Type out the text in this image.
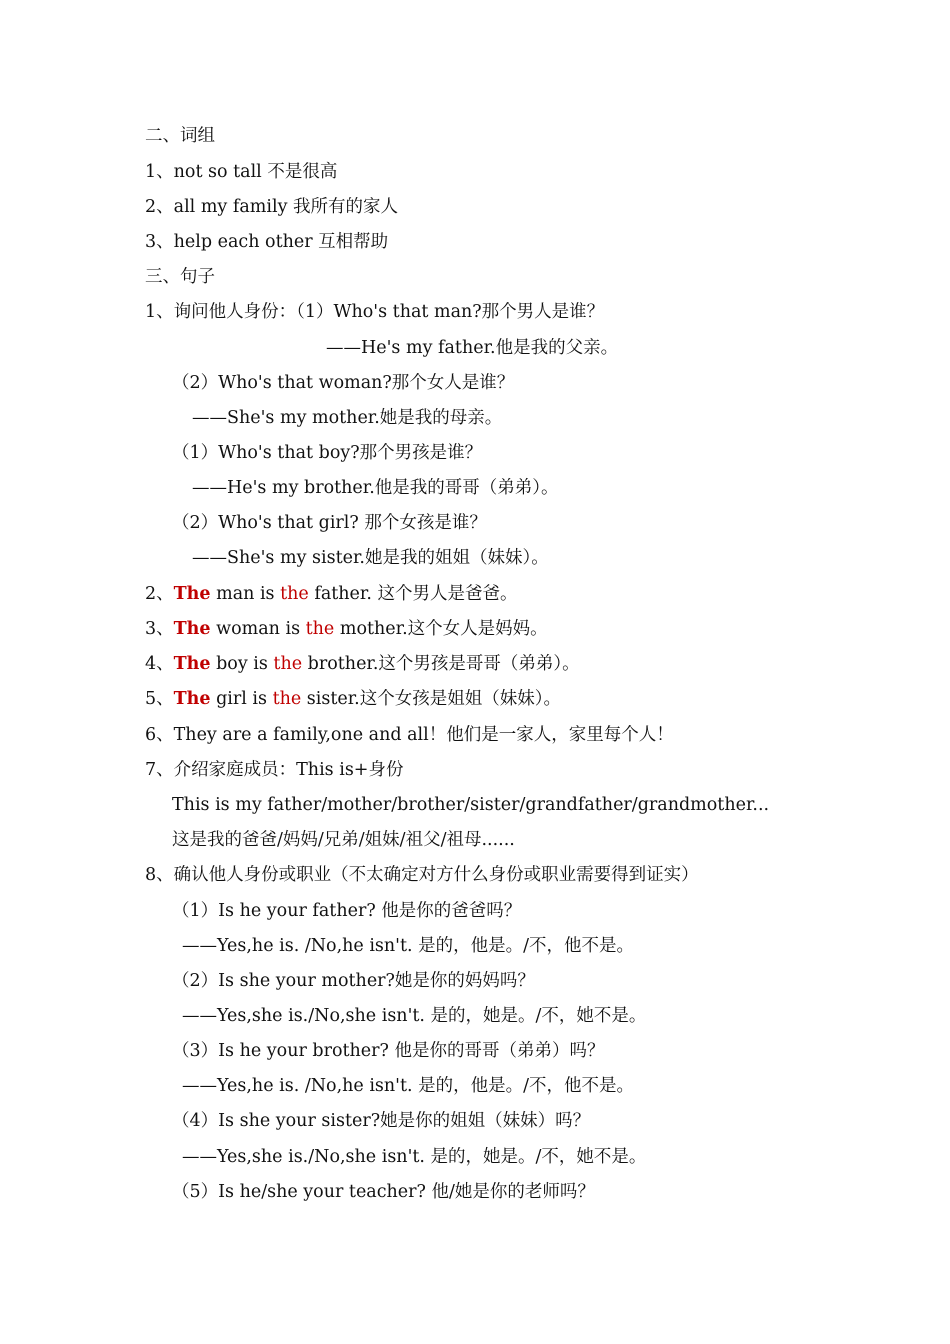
二、词组
1、not so tall 不是很高
2、all my family 我所有的家人
3、help each other 互相帮助
三、句子
1、询问他人身份：（1）Who's that man?那个男人是谁？
——He's my father.他是我的父亲。
（2）Who's that woman?那个女人是谁？
——She's my mother.她是我的母亲。
（1）Who's that boy?那个男孩是谁？
——He's my brother.他是我的哥哥（弟弟）。
（2）Who's that girl? 那个女孩是谁？
——She's my sister.她是我的姐姐（妹妹）。
2、The man is the father. 这个男人是爸爸。
3、The woman is the mother.这个女人是妈妈。
4、The boy is the brother.这个男孩是哥哥（弟弟）。
5、The girl is the sister.这个女孩是姐姐（妹妹）。
6、They are a family,one and all！他们是一家人，家里每个人！
7、介绍家庭成员：This is+身份
This is my father/mother/brother/sister/grandfather/grandmother...
这是我的爸爸/妈妈/兄弟/姐妹/祖父/祖母......
8、确认他人身份或职业（不太确定对方什么身份或职业需要得到证实）
（1）Is he your father? 他是你的爸爸吗？
——Yes,he is. /No,he isn't. 是的，他是。/不，他不是。
（2）Is she your mother?她是你的妈妈吗？
——Yes,she is./No,she isn't. 是的，她是。/不，她不是。
（3）Is he your brother? 他是你的哥哥（弟弟）吗？
——Yes,he is. /No,he isn't. 是的，他是。/不，他不是。
（4）Is she your sister?她是你的姐姐（妹妹）吗？
——Yes,she is./No,she isn't. 是的，她是。/不，她不是。
（5）Is he/she your teacher? 他/她是你的老师吗？
